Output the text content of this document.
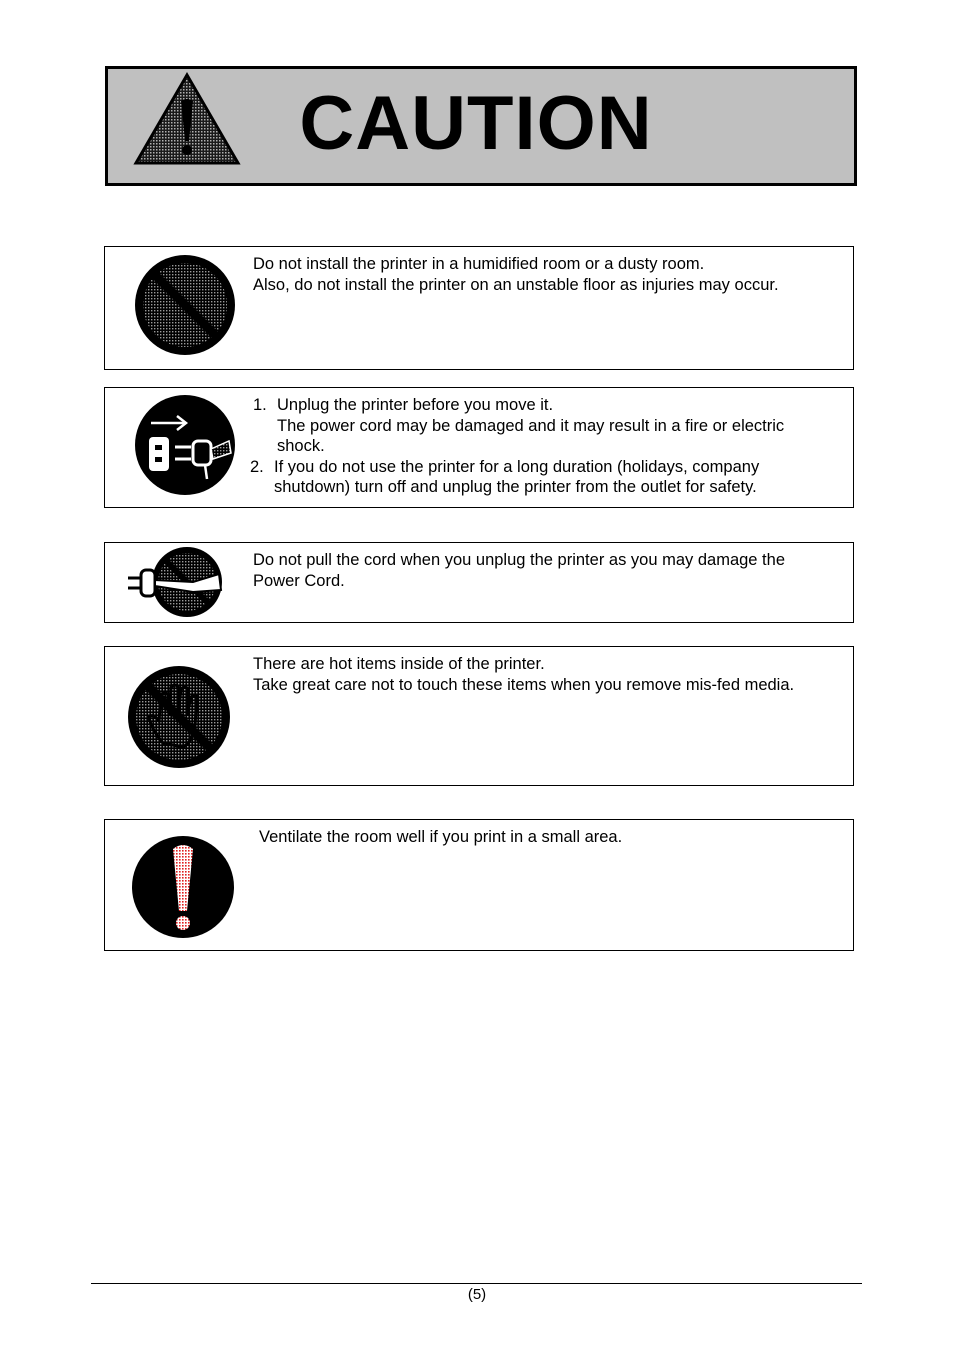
CAUTION
Do not install the printer in a humidified room or a dusty room.
Also, do not install the printer on an unstable floor as injuries may occur.
1. Unplug the printer before you move it.
The power cord may be damaged and it may result in a fire or electric
shock.
2. If you do not use the printer for a long duration (holidays, company
shutdown) turn off and unplug the printer from the outlet for safety.
Do not pull the cord when you unplug the printer as you may damage the
Power Cord.
There are hot items inside of the printer.
Take great care not to touch these items when you remove mis-fed media.
Ventilate the room well if you print in a small area.
(5)
